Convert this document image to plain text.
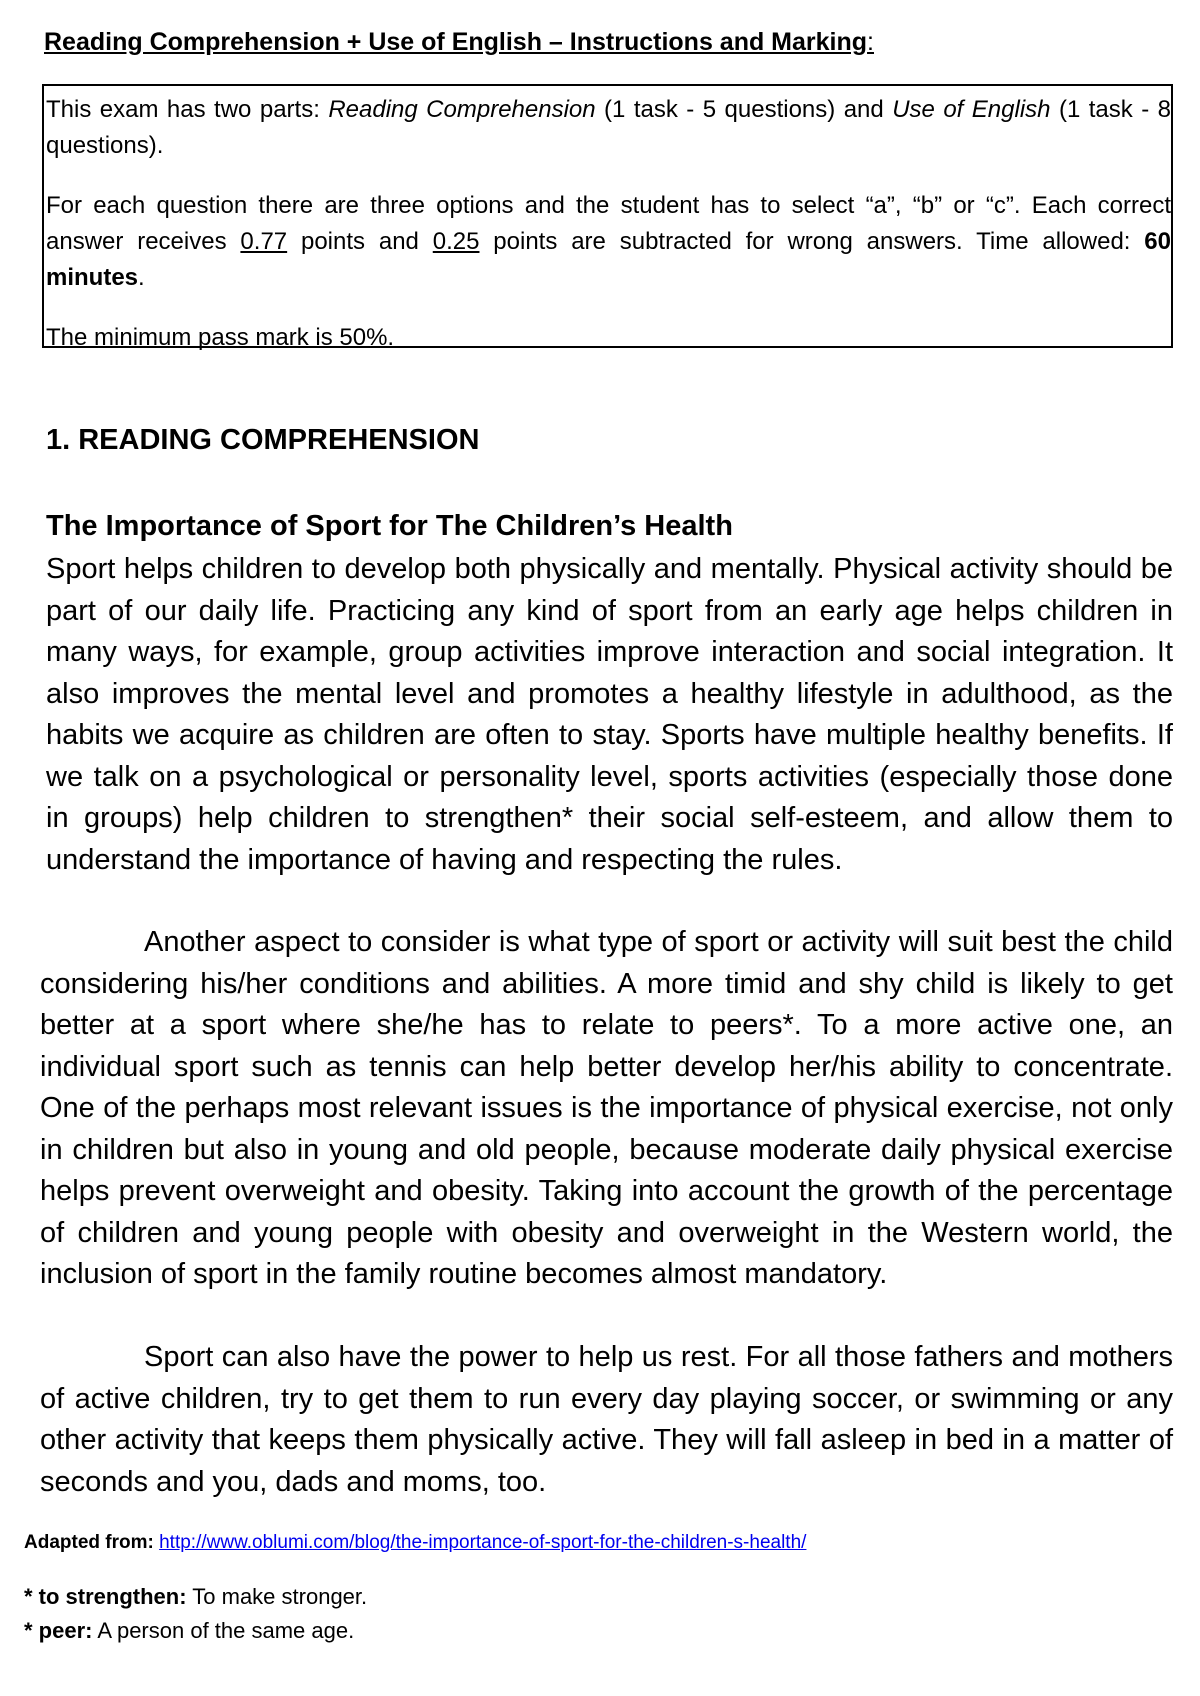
Reading Comprehension + Use of English – Instructions and Marking:

This exam has two parts: Reading Comprehension (1 task - 5 questions) and Use of English (1 task - 8 questions).

For each question there are three options and the student has to select “a”, “b” or “c”. Each correct answer receives 0.77 points and 0.25 points are subtracted for wrong answers. Time allowed: 60 minutes.

The minimum pass mark is 50%.

1. READING COMPREHENSION
The Importance of Sport for The Children’s Health

Sport helps children to develop both physically and mentally. Physical activity should be part of our daily life. Practicing any kind of sport from an early age helps children in many ways, for example, group activities improve interaction and social integration. It also improves the mental level and promotes a healthy lifestyle in adulthood, as the habits we acquire as children are often to stay. Sports have multiple healthy benefits. If we talk on a psychological or personality level, sports activities (especially those done in groups) help children to strengthen* their social self-esteem, and allow them to understand the importance of having and respecting the rules.

Another aspect to consider is what type of sport or activity will suit best the child considering his/her conditions and abilities. A more timid and shy child is likely to get better at a sport where she/he has to relate to peers*. To a more active one, an individual sport such as tennis can help better develop her/his ability to concentrate. One of the perhaps most relevant issues is the importance of physical exercise, not only in children but also in young and old people, because moderate daily physical exercise helps prevent overweight and obesity. Taking into account the growth of the percentage of children and young people with obesity and overweight in the Western world, the inclusion of sport in the family routine becomes almost mandatory.

Sport can also have the power to help us rest. For all those fathers and mothers of active children, try to get them to run every day playing soccer, or swimming or any other activity that keeps them physically active. They will fall asleep in bed in a matter of seconds and you, dads and moms, too.

Adapted from: http://www.oblumi.com/blog/the-importance-of-sport-for-the-children-s-health/
* to strengthen: To make stronger.
* peer: A person of the same age.
